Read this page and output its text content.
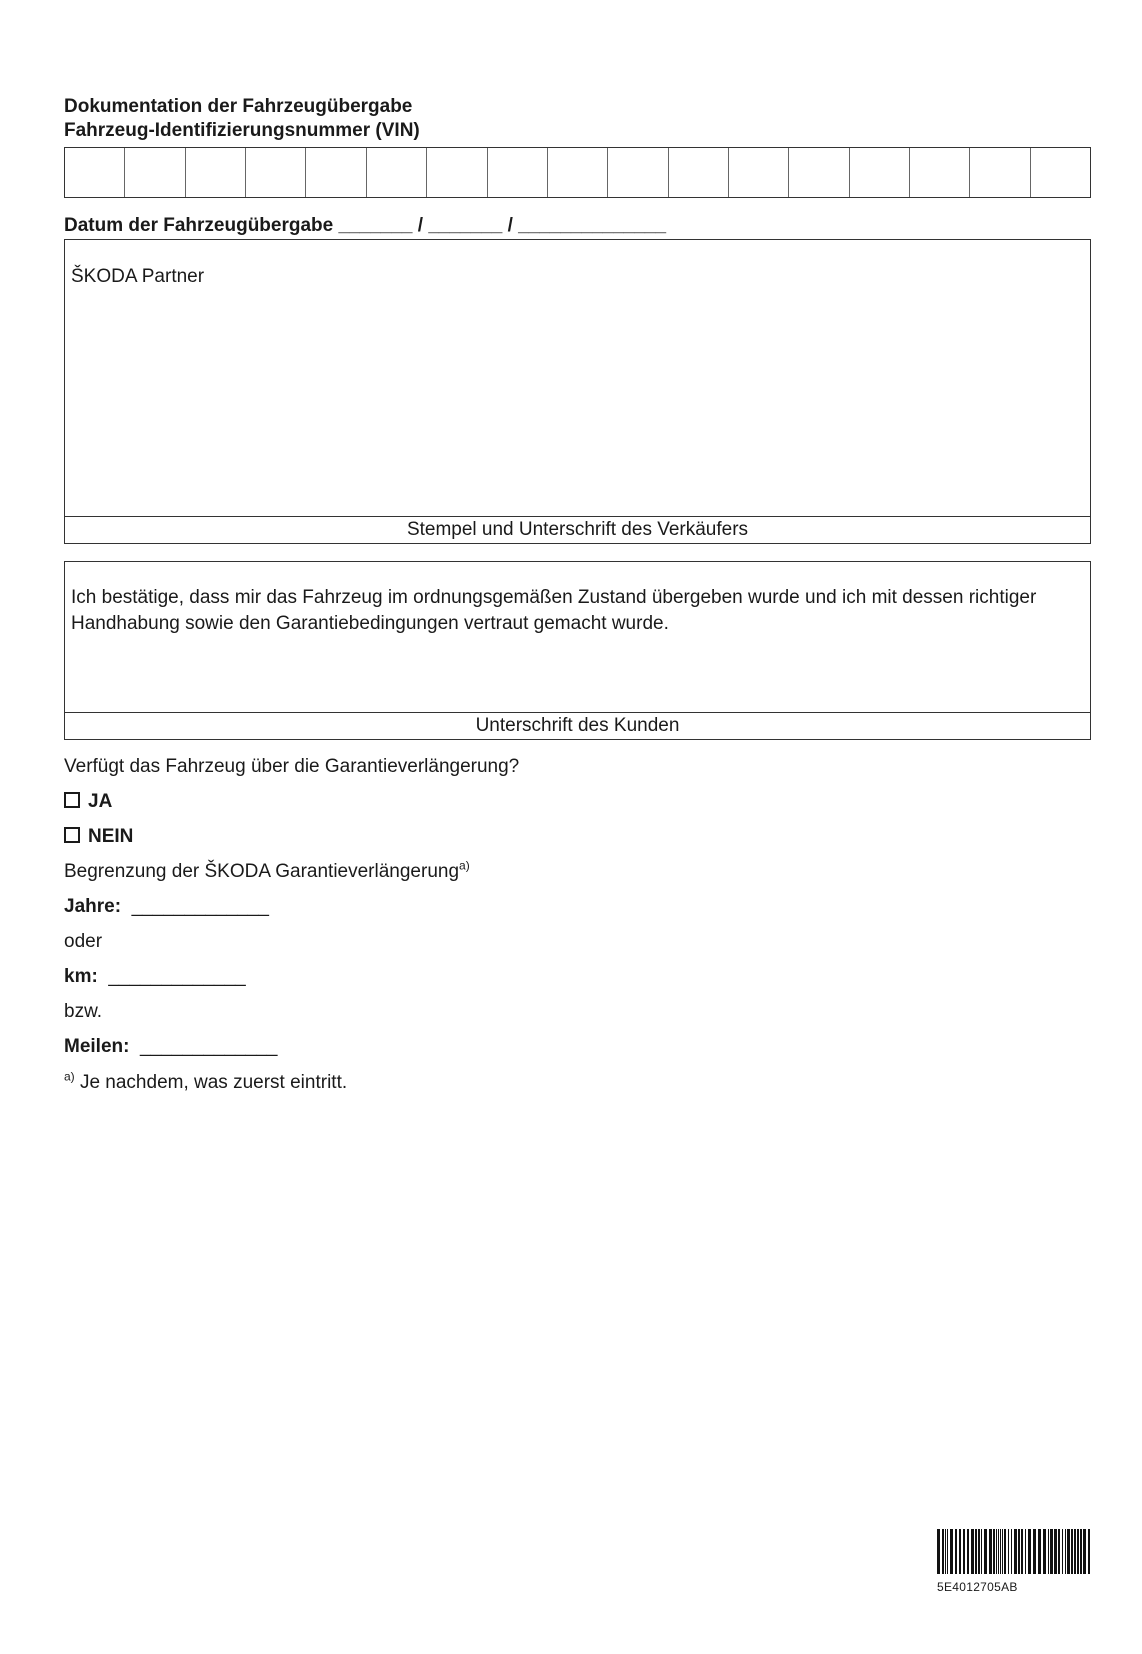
Dokumentation der Fahrzeugübergabe
Fahrzeug-Identifizierungsnummer (VIN)
Datum der Fahrzeugübergabe _______ / _______ / ______________
ŠKODA Partner
Stempel und Unterschrift des Verkäufers
Ich bestätige, dass mir das Fahrzeug im ordnungsgemäßen Zustand übergeben wurde und ich mit dessen richtiger Handhabung sowie den Garantiebedingungen vertraut gemacht wurde.
Unterschrift des Kunden
Verfügt das Fahrzeug über die Garantieverlängerung?
JA
NEIN
Begrenzung der ŠKODA Garantieverlängerung$^{a)}$
Jahre: _____________
oder
km: _____________
bzw.
Meilen: _____________
$^{a)}$ Je nachdem, was zuerst eintritt.
5E4012705AB
